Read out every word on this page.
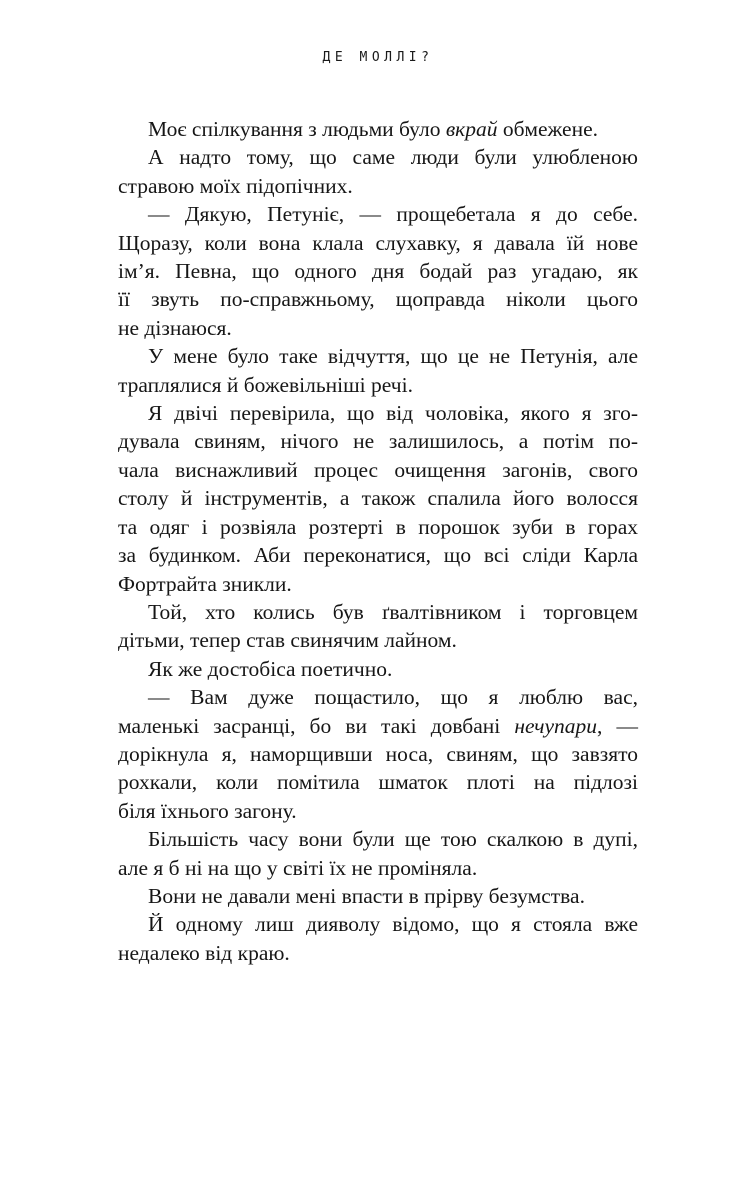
ДЕ МОЛЛІ?
Моє спілкування з людьми було вкрай обмежене.
А надто тому, що саме люди були улюбленою
стравою моїх підопічних.
— Дякую, Петуніє, — прощебетала я до себе.
Щоразу, коли вона клала слухавку, я давала їй нове
ім’я. Певна, що одного дня бодай раз угадаю, як
її звуть по-справжньому, щоправда ніколи цього
не дізнаюся.
У мене було таке відчуття, що це не Петунія, але
траплялися й божевільніші речі.
Я двічі перевірила, що від чоловіка, якого я зго-
дувала свиням, нічого не залишилось, а потім по-
чала виснажливий процес очищення загонів, свого
столу й інструментів, а також спалила його волосся
та одяг і розвіяла розтерті в порошок зуби в горах
за будинком. Аби переконатися, що всі сліди Карла
Фортрайта зникли.
Той, хто колись був ґвалтівником і торговцем
дітьми, тепер став свинячим лайном.
Як же достобіса поетично.
— Вам дуже пощастило, що я люблю вас,
маленькі засранці, бо ви такі довбані нечупари, —
дорікнула я, наморщивши носа, свиням, що завзято
рохкали, коли помітила шматок плоті на підлозі
біля їхнього загону.
Більшість часу вони були ще тою скалкою в дупі,
але я б ні на що у світі їх не проміняла.
Вони не давали мені впасти в прірву безумства.
Й одному лиш дияволу відомо, що я стояла вже
недалеко від краю.
